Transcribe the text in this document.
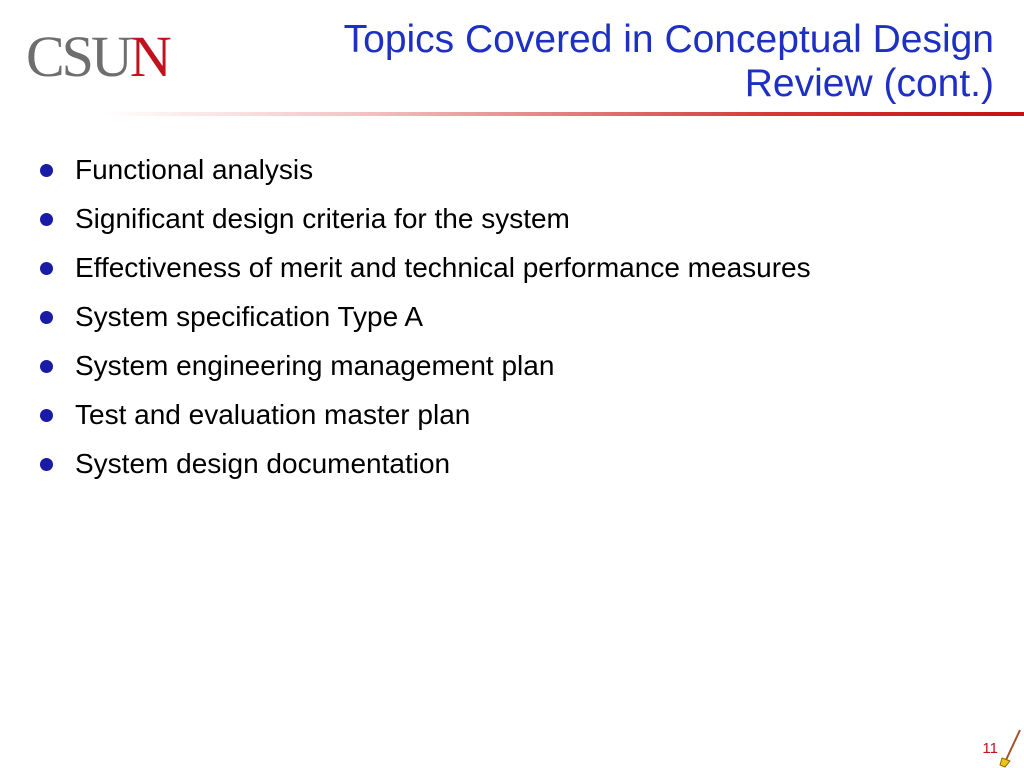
CSUN	Topics Covered in Conceptual Design
Review (cont.)
Functional analysis
Significant design criteria for the system
Effectiveness of merit and technical performance measures
System specification Type A
System engineering management plan
Test and evaluation master plan
System design documentation
11
